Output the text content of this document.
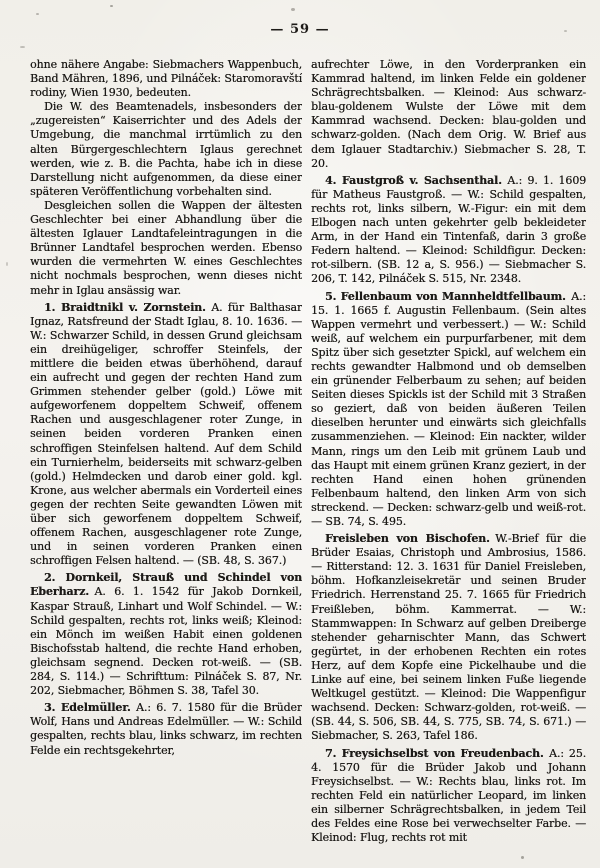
— 59 —

ohne nähere Angabe: Siebmachers Wappenbuch, Band Mähren, 1896, und Pilnáček: Staromoravští rodiny, Wien 1930, bedeuten.

Die W. des Beamtenadels, insbesonders der „zugereisten“ Kaiserrichter und des Adels der Umgebung, die manchmal irrtümlich zu den alten Bürgergeschlechtern Iglaus gerechnet werden, wie z. B. die Pachta, habe ich in diese Darstellung nicht aufgenommen, da diese einer späteren Veröffentlichung vorbehalten sind.

Desgleichen sollen die Wappen der ältesten Geschlechter bei einer Abhandlung über die ältesten Iglauer Landtafeleintragungen in die Brünner Landtafel besprochen werden. Ebenso wurden die vermehrten W. eines Geschlechtes nicht nochmals besprochen, wenn dieses nicht mehr in Iglau ansässig war.

1. Braidtnikl v. Zornstein.  A. für Balthasar Ignaz, Ratsfreund der Stadt Iglau, 8. 10. 1636. — W.: Schwarzer Schild, in dessen Grund gleichsam ein dreihügeliger, schroffer Steinfels, der mittlere die beiden etwas überhöhend, darauf ein aufrecht und gegen der rechten Hand zum Grimmen stehender gelber (gold.) Löwe mit aufgeworfenem doppeltem Schweif, offenem Rachen und ausgeschlagener roter Zunge, in seinen beiden vorderen Pranken einen schroffigen Steinfelsen haltend. Auf dem Schild ein Turnierhelm, beiderseits mit schwarz-gelben (gold.) Helmdecken und darob einer gold. kgl. Krone, aus welcher abermals ein Vorderteil eines gegen der rechten Seite gewandten Löwen mit über sich geworfenem doppeltem Schweif, offenem Rachen, ausgeschlagener rote Zunge, und in seinen vorderen Pranken einen schroffigen Felsen haltend. — (SB. 48, S. 367.)

2. Dornkeil, Strauß und Schindel von Eberharz.  A. 6. 1. 1542 für Jakob Dornkeil, Kaspar Strauß, Linhart und Wolf Schindel. — W.: Schild gespalten, rechts rot, links weiß; Kleinod: ein Mönch im weißen Habit einen goldenen Bischofsstab haltend, die rechte Hand erhoben, gleichsam segnend. Decken rot-weiß. — (SB. 284, S. 114.) — Schrifttum: Pilnáček S. 87, Nr. 202, Siebmacher, Böhmen S. 38, Tafel 30.

3. Edelmüller.  A.: 6. 7. 1580 für die Brüder Wolf, Hans und Andreas Edelmüller. — W.: Schild gespalten, rechts blau, links schwarz, im rechten Felde ein rechtsgekehrter,

aufrechter Löwe, in den Vorderpranken ein Kammrad haltend, im linken Felde ein goldener Schrägrechtsbalken. — Kleinod: Aus schwarz-blau-goldenem Wulste der Löwe mit dem Kammrad wachsend. Decken: blau-golden und schwarz-golden. (Nach dem Orig. W. Brief aus dem Iglauer Stadtarchiv.) Siebmacher S. 28, T. 20.

4. Faustgroß v. Sachsenthal.  A.: 9. 1. 1609 für Matheus Faustgroß. — W.: Schild gespalten, rechts rot, links silbern, W.-Figur: ein mit dem Elbogen nach unten gekehrter gelb bekleideter Arm, in der Hand ein Tintenfaß, darin 3 große Federn haltend. — Kleinod: Schildfigur. Decken: rot-silbern. (SB. 12 a, S. 956.) — Siebmacher S. 206, T. 142, Pilnáček S. 515, Nr. 2348.

5. Fellenbaum von Mannheldtfellbaum.  A.: 15. 1. 1665 f. Augustin Fellenbaum. (Sein altes Wappen vermehrt und verbessert.) — W.: Schild weiß, auf welchem ein purpurfarbener, mit dem Spitz über sich gesetzter Spickl, auf welchem ein rechts gewandter Halbmond und ob demselben ein grünender Felberbaum zu sehen; auf beiden Seiten dieses Spickls ist der Schild mit 3 Straßen so geziert, daß von beiden äußeren Teilen dieselben herunter und einwärts sich gleichfalls zusammenziehen. — Kleinod: Ein nackter, wilder Mann, rings um den Leib mit grünem Laub und das Haupt mit einem grünen Kranz geziert, in der rechten Hand einen hohen grünenden Felbenbaum haltend, den linken Arm von sich streckend. — Decken: schwarz-gelb und weiß-rot. — SB. 74, S. 495.

Freisleben von Bischofen.  W.-Brief für die Brüder Esaias, Christoph und Ambrosius, 1586. — Ritterstand: 12. 3. 1631 für Daniel Freisleben, böhm. Hofkanzleisekretär und seinen Bruder Friedrich. Herrenstand 25. 7. 1665 für Friedrich Freißleben, böhm. Kammerrat. — W.: Stammwappen: In Schwarz auf gelben Dreiberge stehender geharnischter Mann, das Schwert gegürtet, in der erhobenen Rechten ein rotes Herz, auf dem Kopfe eine Pickelhaube und die Linke auf eine, bei seinem linken Fuße liegende Weltkugel gestützt. — Kleinod: Die Wappenfigur wachsend. Decken: Schwarz-golden, rot-weiß. — (SB. 44, S. 506, SB. 44, S. 775, SB. 74, S. 671.) — Siebmacher, S. 263, Tafel 186.

7. Freysichselbst von Freudenbach.  A.: 25. 4. 1570 für die Brüder Jakob und Johann Freysichselbst. — W.: Rechts blau, links rot. Im rechten Feld ein natürlicher Leopard, im linken ein silberner Schrägrechtsbalken, in jedem Teil des Feldes eine Rose bei verwechselter Farbe. — Kleinod: Flug, rechts rot mit
